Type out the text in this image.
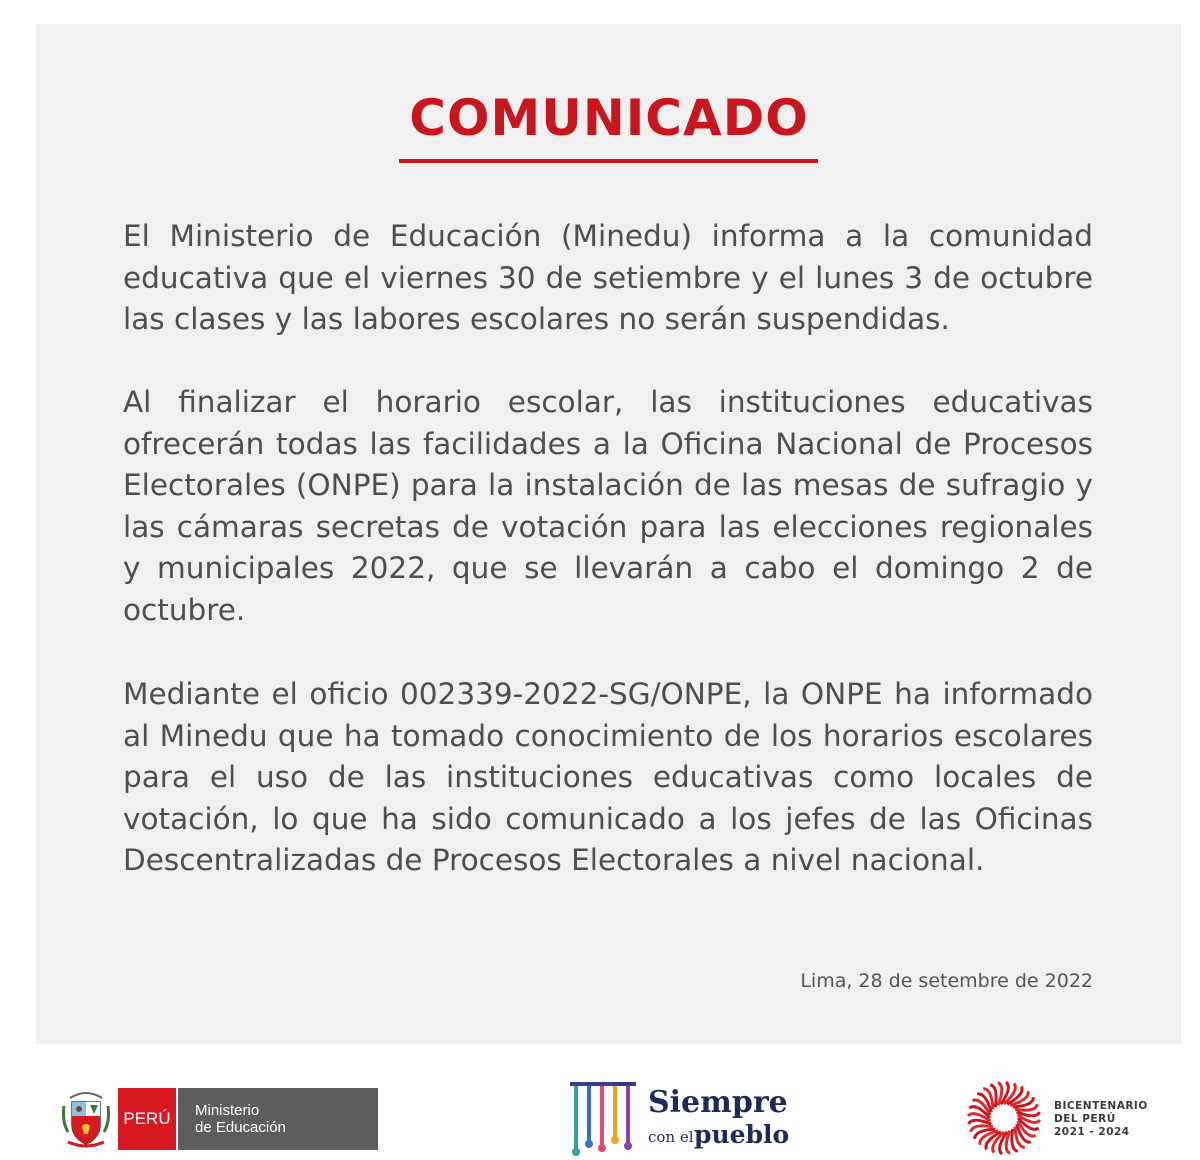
COMUNICADO

El Ministerio de Educación (Minedu) informa a la comunidad educativa que el viernes 30 de setiembre y el lunes 3 de octubre las clases y las labores escolares no serán suspendidas.

Al finalizar el horario escolar, las instituciones educativas ofrecerán todas las facilidades a la Oficina Nacional de Procesos Electorales (ONPE) para la instalación de las mesas de sufragio y las cámaras secretas de votación para las elecciones regionales y municipales 2022, que se llevarán a cabo el domingo 2 de octubre.

Mediante el oficio 002339-2022-SG/ONPE, la ONPE ha informado al Minedu que ha tomado conocimiento de los horarios escolares para el uso de las instituciones educativas como locales de votación, lo que ha sido comunicado a los jefes de las Oficinas Descentralizadas de Procesos Electorales a nivel nacional.

Lima, 28 de setembre de 2022
PERÚ Ministerio
de Educación
Siempre
con el pueblo
BICENTENARIO
DEL PERÚ
2021 - 2024
